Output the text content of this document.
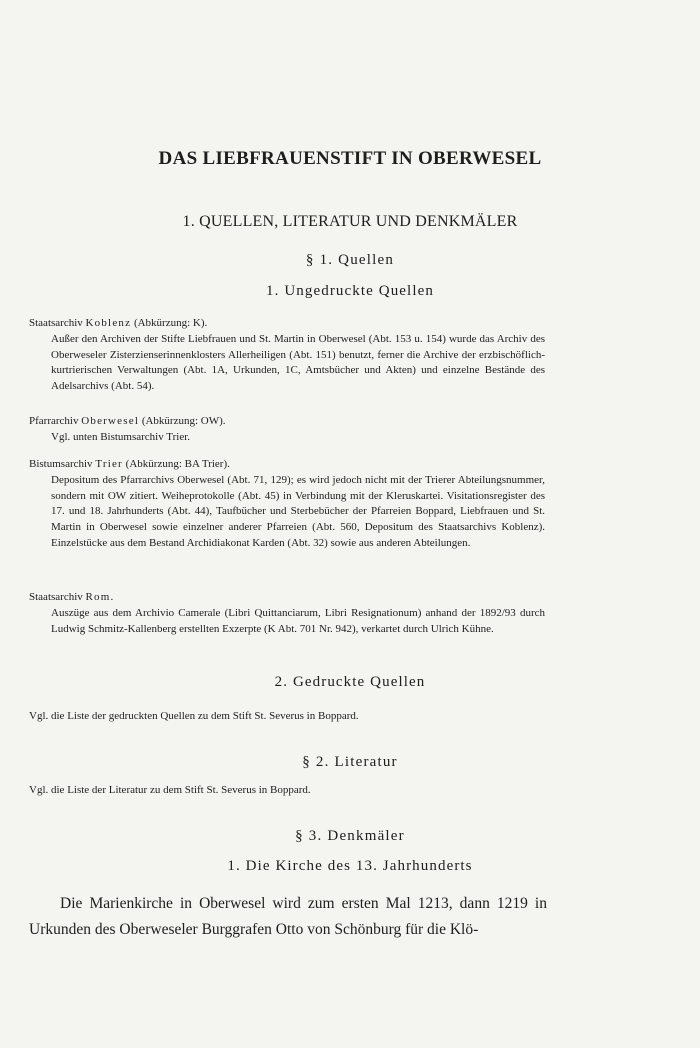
DAS LIEBFRAUENSTIFT IN OBERWESEL
1. QUELLEN, LITERATUR UND DENKMÄLER
§ 1. Quellen
1. Ungedruckte Quellen

Staatsarchiv Koblenz (Abkürzung: K).

Außer den Archiven der Stifte Liebfrauen und St. Martin in Oberwesel (Abt. 153 u. 154) wurde das Archiv des Oberweseler Zisterzienserinnenklosters Allerheiligen (Abt. 151) benutzt, ferner die Archive der erzbischöflich-kurtrierischen Verwaltungen (Abt. 1A, Urkunden, 1C, Amtsbücher und Akten) und einzelne Bestände des Adelsarchivs (Abt. 54).

Pfarrarchiv Oberwesel (Abkürzung: OW).

Vgl. unten Bistumsarchiv Trier.

Bistumsarchiv Trier (Abkürzung: BA Trier).

Depositum des Pfarrarchivs Oberwesel (Abt. 71, 129); es wird jedoch nicht mit der Trierer Abteilungsnummer, sondern mit OW zitiert. Weiheprotokolle (Abt. 45) in Verbindung mit der Kleruskartei. Visitationsregister des 17. und 18. Jahrhunderts (Abt. 44), Taufbücher und Sterbebücher der Pfarreien Boppard, Liebfrauen und St. Martin in Oberwesel sowie einzelner anderer Pfarreien (Abt. 560, Depositum des Staatsarchivs Koblenz). Einzelstücke aus dem Bestand Archidiakonat Karden (Abt. 32) sowie aus anderen Abteilungen.

Staatsarchiv Rom.

Auszüge aus dem Archivio Camerale (Libri Quittanciarum, Libri Resignationum) anhand der 1892/93 durch Ludwig Schmitz-Kallenberg erstellten Exzerpte (K Abt. 701 Nr. 942), verkartet durch Ulrich Kühne.

2. Gedruckte Quellen
Vgl. die Liste der gedruckten Quellen zu dem Stift St. Severus in Boppard.
§ 2. Literatur
Vgl. die Liste der Literatur zu dem Stift St. Severus in Boppard.
§ 3. Denkmäler
1. Die Kirche des 13. Jahrhunderts

Die Marienkirche in Oberwesel wird zum ersten Mal 1213, dann 1219 in Urkunden des Oberweseler Burggrafen Otto von Schönburg für die Klö-
